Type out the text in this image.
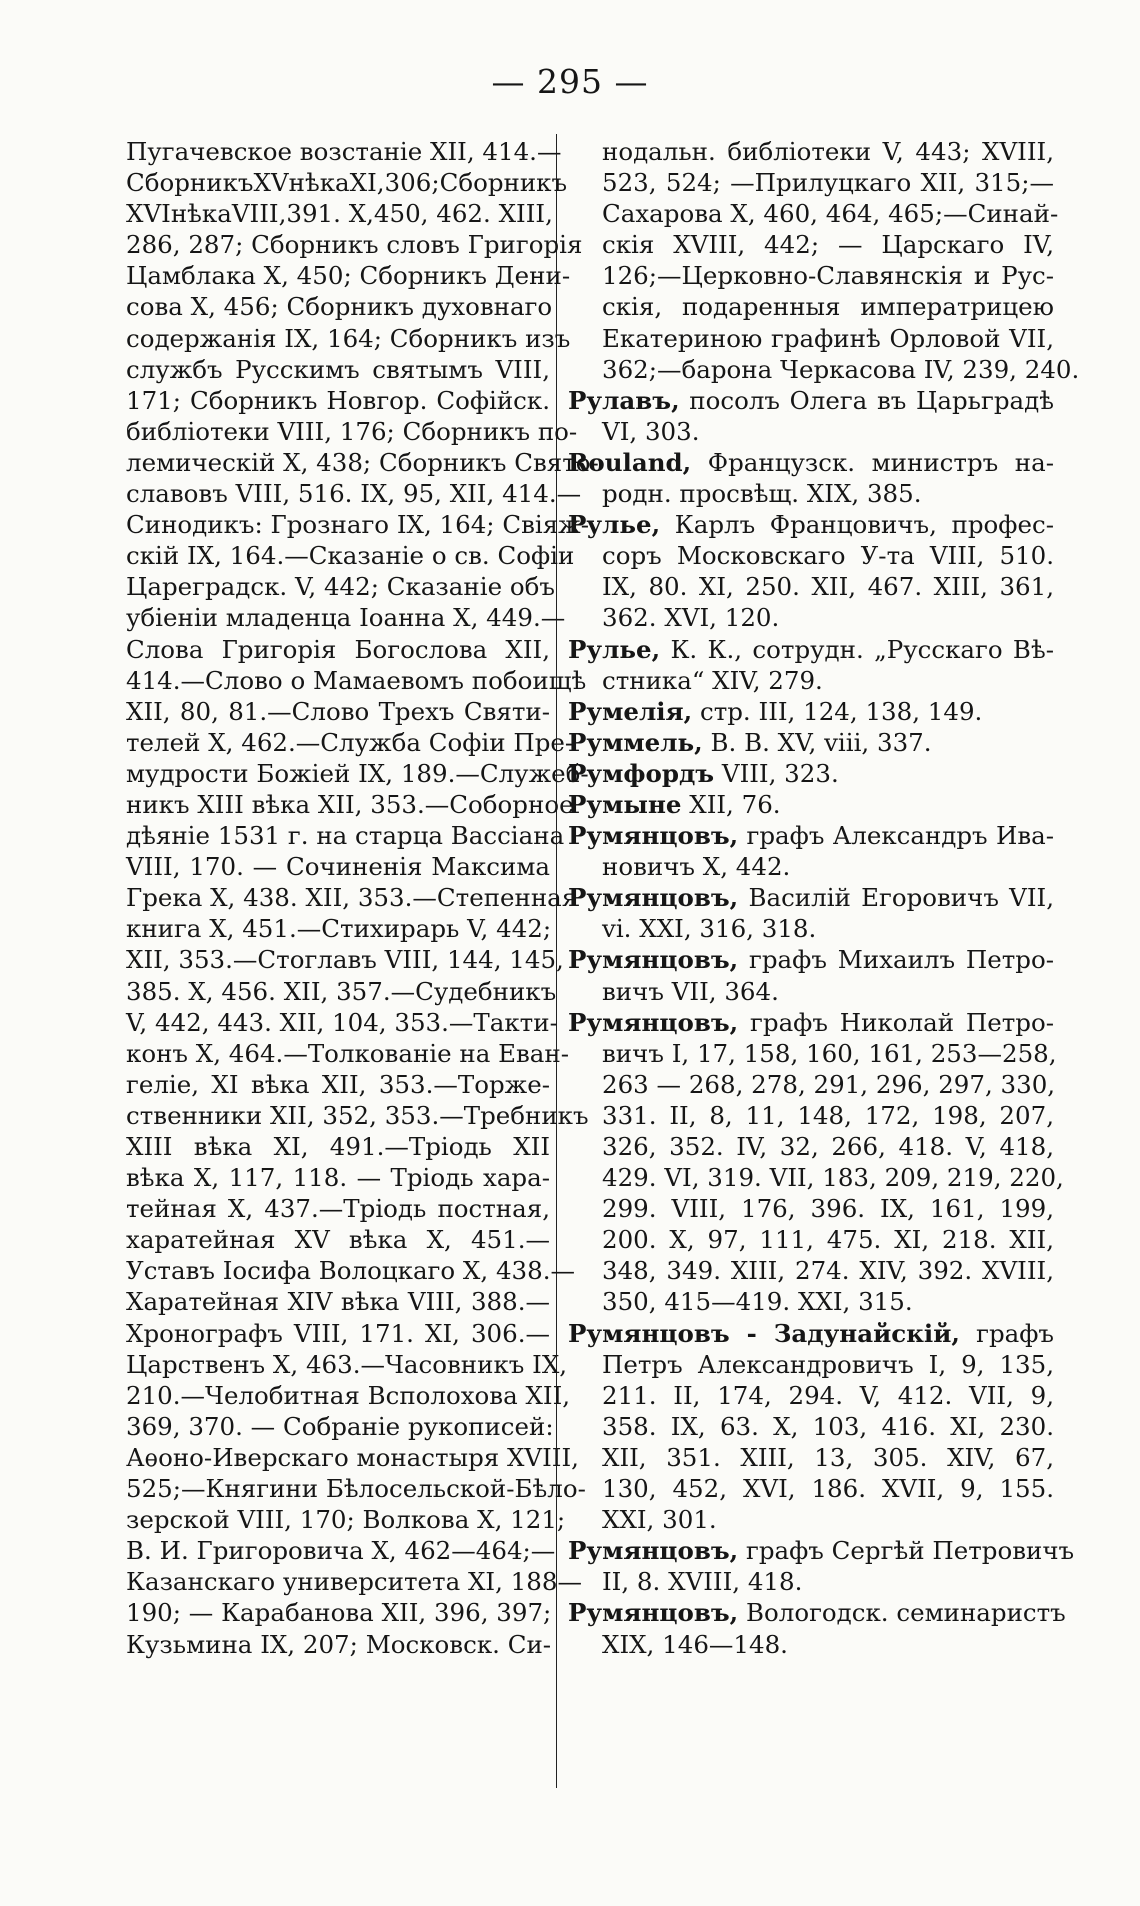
— 295 —

Пугачевское возстаніе XII, 414.—

СборникъXVнѣкаXI,306;Сборникъ

XVIнѣкаVIII,391. X,450, 462. XIII,

286, 287; Сборникъ словъ Григорія

Цамблака X, 450; Сборникъ Дени-

сова X, 456; Сборникъ духовнаго

содержанія IX, 164; Сборникъ изъ

службъ Русскимъ святымъ VIII,

171; Сборникъ Новгор. Софійск.

библіотеки VIII, 176; Сборникъ по-

лемическій X, 438; Сборникъ Свято-

славовъ VIII, 516. IX, 95, XII, 414.—

Синодикъ: Грознаго IX, 164; Свіяж-

скій IX, 164.—Сказаніе о св. Софіи

Цареградск. V, 442; Сказаніе объ

убіеніи младенца Іоанна X, 449.—

Слова Григорія Богослова XII,

414.—Слово о Мамаевомъ побоищѣ

XII, 80, 81.—Слово Трехъ Святи-

телей X, 462.—Служба Софіи Пре-

мудрости Божіей IX, 189.—Служеб-

никъ XIII вѣка XII, 353.—Соборное

дѣяніе 1531 г. на старца Вассіана

VIII, 170. — Сочиненія Максима

Грека X, 438. XII, 353.—Степенная

книга X, 451.—Стихирарь V, 442;

XII, 353.—Стоглавъ VIII, 144, 145,

385. X, 456. XII, 357.—Судебникъ

V, 442, 443. XII, 104, 353.—Такти-

конъ X, 464.—Толкованіе на Еван-

геліе, XI вѣка XII, 353.—Торже-

ственники XII, 352, 353.—Требникъ

XIII вѣка XI, 491.—Тріодь XII

вѣка X, 117, 118. — Тріодь хара-

тейная X, 437.—Тріодь постная,

харатейная XV вѣка X, 451.—

Уставъ Іосифа Волоцкаго X, 438.—

Харатейная XIV вѣка VIII, 388.—

Хронографъ VIII, 171. XI, 306.—

Царственъ X, 463.—Часовникъ IX,

210.—Челобитная Всполохова XII,

369, 370. — Собраніе рукописей:

Аѳоно-Иверскаго монастыря XVIII,

525;—Княгини Бѣлосельской-Бѣло-

зерской VIII, 170; Волкова X, 121;

В. И. Григоровича X, 462—464;—

Казанскаго университета XI, 188—

190; — Карабанова XII, 396, 397;

Кузьмина IX, 207; Московск. Си-

нодальн. библіотеки V, 443; XVIII,

523, 524; —Прилуцкаго XII, 315;—

Сахарова X, 460, 464, 465;—Синай-

скія XVIII, 442; — Царскаго IV,

126;—Церковно-Славянскія и Рус-

скія, подаренныя императрицею

Екатериною графинѣ Орловой VII,

362;—барона Черкасова IV, 239, 240.

Рулавъ, посолъ Олега въ Царьградѣ

VI, 303.

Rouland, Французск. министръ на-

родн. просвѣщ. XIX, 385.

Рулье, Карлъ Францовичъ, профес-

соръ Московскаго У-та VIII, 510.

IX, 80. XI, 250. XII, 467. XIII, 361,

362. XVI, 120.

Рулье, К. К., сотрудн. „Русскаго Вѣ-

стника“ XIV, 279.

Румелія, стр. III, 124, 138, 149.

Руммель, В. В. XV, viii, 337.

Румфордъ VIII, 323.

Румыне XII, 76.

Румянцовъ, графъ Александръ Ива-

новичъ X, 442.

Румянцовъ, Василій Егоровичъ VII,

vi. XXI, 316, 318.

Румянцовъ, графъ Михаилъ Петро-

вичъ VII, 364.

Румянцовъ, графъ Николай Петро-

вичъ I, 17, 158, 160, 161, 253—258,

263 — 268, 278, 291, 296, 297, 330,

331. II, 8, 11, 148, 172, 198, 207,

326, 352. IV, 32, 266, 418. V, 418,

429. VI, 319. VII, 183, 209, 219, 220,

299. VIII, 176, 396. IX, 161, 199,

200. X, 97, 111, 475. XI, 218. XII,

348, 349. XIII, 274. XIV, 392. XVIII,

350, 415—419. XXI, 315.

Румянцовъ - Задунайскій, графъ

Петръ Александровичъ I, 9, 135,

211. II, 174, 294. V, 412. VII, 9,

358. IX, 63. X, 103, 416. XI, 230.

XII, 351. XIII, 13, 305. XIV, 67,

130, 452, XVI, 186. XVII, 9, 155.

XXI, 301.

Румянцовъ, графъ Сергѣй Петровичъ

II, 8. XVIII, 418.

Румянцовъ, Вологодск. семинаристъ

XIX, 146—148.
